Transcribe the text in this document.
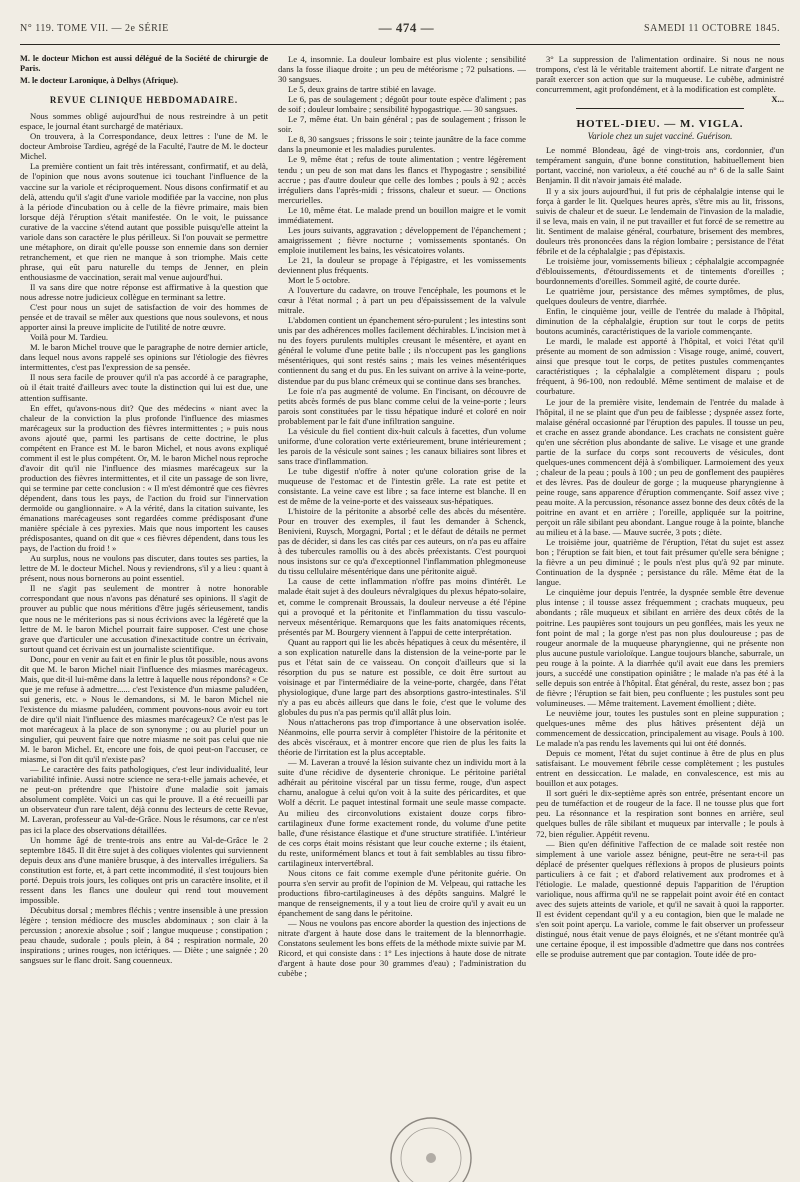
N° 119. TOME VII. — 2e SÉRIE	— 474 —	SAMEDI 11 OCTOBRE 1845.

M. le docteur Michon est aussi délégué de la Société de chirurgie de Paris.

M. le docteur Laronique, à Delhys (Afrique).

REVUE CLINIQUE HEBDOMADAIRE.

Nous sommes obligé aujourd'hui de nous restreindre à un petit espace, le journal étant surchargé de matériaux.

On trouvera, à la Correspondance, deux lettres : l'une de M. le docteur Ambroise Tardieu, agrégé de la Faculté, l'autre de M. le docteur Michel.

La première contient un fait très intéressant, confirmatif, et au delà, de l'opinion que nous avons soutenue ici touchant l'influence de la vaccine sur la variole et réciproquement. Nous disons confirmatif et au delà, attendu qu'il s'agit d'une variole modifiée par la vaccine, non plus à la période d'incubation ou à celle de la fièvre primaire, mais bien lorsque déjà l'éruption s'était manifestée. On le voit, le puissance curative de la vaccine s'étend autant que possible puisqu'elle atteint la variole dans son caractère le plus périlleux. Si l'on pouvait se permettre une métaphore, on dirait qu'elle pousse son ennemie dans son dernier retranchement, et que rien ne manque à son triomphe. Mais cette phrase, qui eût paru naturelle du temps de Jenner, en plein enthousiasme de vaccination, serait mal venue aujourd'hui.

Il va sans dire que notre réponse est affirmative à la question que nous adresse notre judicieux collègue en terminant sa lettre.

C'est pour nous un sujet de satisfaction de voir des hommes de pensée et de travail se mêler aux questions que nous soulevons, et nous apporter ainsi la preuve implicite de l'utilité de notre œuvre.

Voilà pour M. Tardieu.

M. le baron Michel trouve que le paragraphe de notre dernier article, dans lequel nous avons rappelé ses opinions sur l'étiologie des fièvres intermittentes, c'est pas l'expression de sa pensée.

Il nous sera facile de prouver qu'il n'a pas accordé à ce paragraphe, où il était traité d'ailleurs avec toute la distinction qui lui est due, une attention suffisante.

En effet, qu'avons-nous dit? Que des médecins « niant avec la chaleur de la conviction la plus profonde l'influence des miasmes marécageux sur la production des fièvres intermittentes ; » puis nous avons ajouté que, parmi les partisans de cette doctrine, le plus compétent en France est M. le baron Michel, et nous avons expliqué comment il est le plus compétent. Or, M. le baron Michel nous reproche d'avoir dit qu'il nie l'influence des miasmes marécageux sur la production des fièvres intermittentes, et il cite un passage de son livre, qui se termine par cette conclusion : « Il m'est démontré que ces fièvres dépendent, dans tous les pays, de l'action du froid sur l'innervation dermoïde ou ganglionnaire. » A la vérité, dans la citation suivante, les émanations marécageuses sont regardées comme prédisposant d'une manière spéciale à ces pyrexies. Mais que nous importent les causes prédisposantes, quand on dit que « ces fièvres dépendent, dans tous les pays, de l'action du froid ! »

Au surplus, nous ne voulons pas discuter, dans toutes ses parties, la lettre de M. le docteur Michel. Nous y reviendrons, s'il y a lieu : quant à présent, nous nous bornerons au point essentiel.

Il ne s'agit pas seulement de montrer à notre honorable correspondant que nous n'avons pas dénaturé ses opinions. Il s'agit de prouver au public que nous méritions d'être jugés sérieusement, tandis que nous ne le mériterions pas si nous écrivions avec la légèreté que la lettre de M. le baron Michel pourrait faire supposer. C'est une chose grave que d'articuler une accusation d'inexactitude contre un écrivain, surtout quand cet écrivain est un journaliste scientifique.

Donc, pour en venir au fait et en finir le plus tôt possible, nous avons dit que M. le baron Michel niait l'influence des miasmes marécageux. Mais, que dit-il lui-même dans la lettre à laquelle nous répondons? « Ce que je me refuse à admettre...... c'est l'existence d'un miasme paludéen, sui generis, etc. » Nous le demandons, si M. le baron Michel nie l'existence du miasme paludéen, comment pouvons-nous avoir eu tort de dire qu'il niait l'influence des miasmes marécageux? Ce n'est pas le mot marécageux à la place de son synonyme ; ou au pluriel pour un singulier, qui peuvent faire que notre miasme ne soit pas celui que nie M. le baron Michel. Et, encore une fois, de quoi peut-on l'accuser, ce miasme, si l'on dit qu'il n'existe pas?

— Le caractère des faits pathologiques, c'est leur individualité, leur variabilité infinie. Aussi notre science ne sera-t-elle jamais achevée, et ne peut-on prétendre que l'histoire d'une maladie soit jamais absolument complète. Voici un cas qui le prouve. Il a été recueilli par un observateur d'un rare talent, déjà connu des lecteurs de cette Revue, M. Laveran, professeur au Val-de-Grâce. Nous le résumons, car ce n'est pas ici la place des observations détaillées.

Un homme âgé de trente-trois ans entre au Val-de-Grâce le 2 septembre 1845. Il dit être sujet à des coliques violentes qui surviennent depuis deux ans d'une manière brusque, à des intervalles irréguliers. Sa constitution est forte, et, à part cette incommodité, il s'est toujours bien porté. Depuis trois jours, les coliques ont pris un caractère insolite, et il ressent dans les flancs une douleur qui rend tout mouvement impossible.

Décubitus dorsal ; membres fléchis ; ventre insensible à une pression légère ; tension médiocre des muscles abdominaux ; son clair à la percussion ; anorexie absolue ; soif ; langue muqueuse ; constipation ; peau chaude, sudorale ; pouls plein, à 84 ; respiration normale, 20 inspirations ; urines rouges, non ictériques. — Diète ; une saignée ; 20 sangsues sur le flanc droit. Sang couenneux.

Le 4, insomnie. La douleur lombaire est plus violente ; sensibilité dans la fosse iliaque droite ; un peu de météorisme ; 72 pulsations. — 30 sangsues.

Le 5, deux grains de tartre stibié en lavage.

Le 6, pas de soulagement ; dégoût pour toute espèce d'aliment ; pas de soif ; douleur lombaire ; sensibilité hypogastrique. — 30 sangsues.

Le 7, même état. Un bain général ; pas de soulagement ; frisson le soir.

Le 8, 30 sangsues ; frissons le soir ; teinte jaunâtre de la face comme dans la pneumonie et les maladies purulentes.

Le 9, même état ; refus de toute alimentation ; ventre légèrement tendu ; un peu de son mat dans les flancs et l'hypogastre ; sensibilité accrue ; pas d'autre douleur que celle des lombes ; pouls à 92 ; accès irréguliers dans l'après-midi ; frissons, chaleur et sueur. — Onctions mercurielles.

Le 10, même état. Le malade prend un bouillon maigre et le vomit immédiatement.

Les jours suivants, aggravation ; développement de l'épanchement ; amaigrissement ; fièvre nocturne ; vomissements spontanés. On emploie inutilement les bains, les vésicatoires volants.

Le 21, la douleur se propage à l'épigastre, et les vomissements deviennent plus fréquents.

Mort le 5 octobre.

A l'ouverture du cadavre, on trouve l'encéphale, les poumons et le cœur à l'état normal ; à part un peu d'épaississement de la valvule mitrale.

L'abdomen contient un épanchement séro-purulent ; les intestins sont unis par des adhérences molles facilement déchirables. L'incision met à nu des foyers purulents multiples creusant le mésentère, et ayant en général le volume d'une petite balle ; ils n'occupent pas les ganglions mésentériques, qui sont restés sains ; mais les veines mésentériques contiennent du sang et du pus. En les suivant on arrive à la veine-porte, distendue par du pus blanc crémeux qui se continue dans ses branches.

Le foie n'a pas augmenté de volume. En l'incisant, on découvre de petits abcès formés de pus blanc comme celui de la veine-porte ; leurs parois sont constituées par le tissu hépatique induré et coloré en noir probablement par le fait d'une infiltration sanguine.

La vésicule du fiel contient dix-huit calculs à facettes, d'un volume uniforme, d'une coloration verte extérieurement, brune intérieurement ; les parois de la vésicule sont saines ; les canaux biliaires sont libres et sans trace d'inflammation.

Le tube digestif n'offre à noter qu'une coloration grise de la muqueuse de l'estomac et de l'intestin grêle. La rate est petite et consistante. La veine cave est libre ; sa face interne est blanche. Il en est de même de la veine-porte et des vaisseaux sus-hépatiques.

L'histoire de la péritonite a absorbé celle des abcès du mésentère. Pour en trouver des exemples, il faut les demander à Schenck, Benivieni, Ruysch, Morgagni, Portal ; et le défaut de détails ne permet pas de décider, si dans les cas cités par ces auteurs, on n'a pas eu affaire à des tubercules ramollis ou à des abcès préexistants. C'est pourquoi nous insistons sur ce qu'a d'exceptionnel l'inflammation phlegmoneuse du tissu cellulaire mésentérique dans une péritonite aiguë.

La cause de cette inflammation n'offre pas moins d'intérêt. Le malade était sujet à des douleurs névralgiques du plexus hépato-solaire, et, comme le comprenait Broussais, la douleur nerveuse a été l'épine qui a provoqué et la péritonite et l'inflammation du tissu vasculo-nerveux mésentérique. Remarquons que les faits anatomiques récents, présentés par M. Bourgery viennent à l'appui de cette interprétation.

Quant au rapport qui lie les abcès hépatiques à ceux du mésentère, il a son explication naturelle dans la distension de la veine-porte par le pus et l'état sain de ce vaisseau. On conçoit d'ailleurs que si la résorption du pus se nature est possible, ce doit être surtout au voisinage et par l'intermédiaire de la veine-porte, chargée, dans l'état physiologique, d'une large part des absorptions gastro-intestinales. S'il n'y a pas eu abcès ailleurs que dans le foie, c'est que le volume des globules du pus n'a pas permis qu'il allât plus loin.

Nous n'attacherons pas trop d'importance à une observation isolée. Néanmoins, elle pourra servir à compléter l'histoire de la péritonite et des abcès viscéraux, et à montrer encore que rien de plus les faits la théorie de l'irritation est la plus acceptable.

— M. Laveran a trouvé la lésion suivante chez un individu mort à la suite d'une récidive de dysenterie chronique. Le péritoine pariétal adhérait au péritoine viscéral par un tissu ferme, rouge, d'un aspect charnu, analogue à celui qu'on voit à la suite des péricardites, et que Wolf a décrit. Le paquet intestinal formait une seule masse compacte. Au milieu des circonvolutions existaient douze corps fibro-cartilagineux d'une forme exactement ronde, du volume d'une petite balle, d'une résistance élastique et d'une structure stratifiée. L'intérieur de ces corps était moins résistant que leur couche externe ; ils étaient, du reste, uniformément blancs et tout à fait semblables au tissu fibro-cartilagineux intervertébral.

Nous citons ce fait comme exemple d'une péritonite guérie. On pourra s'en servir au profit de l'opinion de M. Velpeau, qui rattache les productions fibro-cartilagineuses à des dépôts sanguins. Malgré le manque de renseignements, il y a tout lieu de croire qu'il y avait eu un épanchement de sang dans le péritoine.

— Nous ne voulons pas encore aborder la question des injections de nitrate d'argent à haute dose dans le traitement de la blennorrhagie. Constatons seulement les bons effets de la méthode mixte suivie par M. Ricord, et qui consiste dans : 1° Les injections à haute dose de nitrate d'argent à haute dose pour 30 grammes d'eau) ; l'administration du cubèbe ;

3° La suppression de l'alimentation ordinaire. Si nous ne nous trompons, c'est là le véritable traitement abortif. Le nitrate d'argent ne paraît exercer son action que sur la muqueuse. Le cubèbe, administré concurremment, agit profondément, et à la modification est complète.

X...

HOTEL-DIEU. — M. VIGLA.

Variole chez un sujet vacciné. Guérison.

Le nommé Blondeau, âgé de vingt-trois ans, cordonnier, d'un tempérament sanguin, d'une bonne constitution, habituellement bien portant, vacciné, non varioleux, a été couché au n° 6 de la salle Saint Benjamin. Il dit n'avoir jamais été malade.

Il y a six jours aujourd'hui, il fut pris de céphalalgie intense qui le força à garder le lit. Quelques heures après, s'être mis au lit, frissons, suivis de chaleur et de sueur. Le lendemain de l'invasion de la maladie, il se leva, mais en vain, il ne put travailler et fut forcé de se remettre au lit. Sentiment de malaise général, courbature, brisement des membres, douleurs très prononcées dans la région lombaire ; persistance de l'état fébrile et de la céphalalgie ; pas d'épistaxis.

Le troisième jour, vomissements bilieux ; céphalalgie accompagnée d'éblouissements, d'étourdissements et de tintements d'oreilles ; bourdonnements d'oreilles. Sommeil agité, de courte durée.

Le quatrième jour, persistance des mêmes symptômes, de plus, quelques douleurs de ventre, diarrhée.

Enfin, le cinquième jour, veille de l'entrée du malade à l'hôpital, diminution de la céphalalgie, éruption sur tout le corps de petits boutons acuminés, caractéristiques de la variole commençante.

Le mardi, le malade est apporté à l'hôpital, et voici l'état qu'il présente au moment de son admission : Visage rouge, animé, couvert, ainsi que presque tout le corps, de petites pustules commençantes caractéristiques ; la céphalalgie a complètement disparu ; pouls fréquent, à 96-100, non redoublé. Même sentiment de malaise et de courbature.

Le jour de la première visite, lendemain de l'entrée du malade à l'hôpital, il ne se plaint que d'un peu de faiblesse ; dyspnée assez forte, malaise général occasionné par l'éruption des papules. Il tousse un peu, et crache en assez grande abondance. Les crachats ne consistent guère qu'en une sécrétion plus abondante de salive. Le visage et une grande partie de la surface du corps sont recouverts de vésicules, dont quelques-unes commencent déjà à s'ombiliquer. Larmoiement des yeux ; chaleur de la peau ; pouls à 100 ; un peu de gonflement des paupières et des lèvres. Pas de douleur de gorge ; la muqueuse pharyngienne à peine rouge, sans apparence d'éruption commençante. Soif assez vive ; peau moite. A la percussion, résonance assez bonne des deux côtés de la poitrine en avant et en arrière ; l'oreille, appliquée sur la poitrine, perçoit un râle sibilant peu abondant. Langue rouge à la pointe, blanche au milieu et à la base. — Mauve sucrée, 3 pots ; diète.

Le troisième jour, quatrième de l'éruption, l'état du sujet est assez bon ; l'éruption se fait bien, et tout fait présumer qu'elle sera bénigne ; la fièvre a un peu diminué ; le pouls n'est plus qu'à 92 par minute. Continuation de la dyspnée ; persistance du râle. Même état de la langue.

Le cinquième jour depuis l'entrée, la dyspnée semble être devenue plus intense ; il tousse assez fréquemment ; crachats muqueux, peu abondants ; râle muqueux et sibilant en arrière des deux côtés de la poitrine. Les paupières sont toujours un peu gonflées, mais les yeux ne font point de mal ; la gorge n'est pas non plus douloureuse ; pas de rougeur anormale de la muqueuse pharyngienne, qui ne présente non plus aucune pustule varioloïque. Langue toujours blanche, saburrale, un peu rouge à la pointe. A la diarrhée qu'il avait eue dans les premiers jours, a succédé une constipation opiniâtre ; le malade n'a pas été à la selle depuis son entrée à l'hôpital. État général, du reste, assez bon ; pas de fièvre ; l'éruption se fait bien, peu confluente ; les pustules sont peu volumineuses. — Même traitement. Lavement émollient ; diète.

Le neuvième jour, toutes les pustules sont en pleine suppuration ; quelques-unes même des plus hâtives présentent déjà un commencement de dessiccation, principalement au visage. Pouls à 100. Le malade n'a pas rendu les lavements qui lui ont été donnés.

Depuis ce moment, l'état du sujet continue à être de plus en plus satisfaisant. Le mouvement fébrile cesse complètement ; les pustules entrent en dessiccation. Le malade, en convalescence, est mis au bouillon et aux potages.

Il sort guéri le dix-septième après son entrée, présentant encore un peu de tuméfaction et de rougeur de la face. Il ne tousse plus que fort peu. La résonnance et la respiration sont bonnes en arrière, seul quelques bulles de râle sibilant et muqueux par intervalle ; le pouls à 72, bien régulier. Appétit revenu.

— Bien qu'en définitive l'affection de ce malade soit restée non simplement à une variole assez bénigne, peut-être ne sera-t-il pas déplacé de présenter quelques réflexions à propos de plusieurs points particuliers à ce fait ; et d'abord relativement aux prodromes et à l'étiologie. Le malade, questionné depuis l'apparition de l'éruption variolique, nous affirma qu'il ne se rappelait point avoir été en contact avec des sujets atteints de variole, et qu'il ne savait à quoi la rapporter. Il est évident cependant qu'il y a eu contagion, bien que le malade ne s'en soit point aperçu. La variole, comme le fait observer un professeur distingué, nous était venue de pays éloignés, et ne s'étant montrée qu'à une certaine époque, il est impossible d'admettre que dans nos contrées elle se produise autrement que par contagion. Toute idée de pro-
